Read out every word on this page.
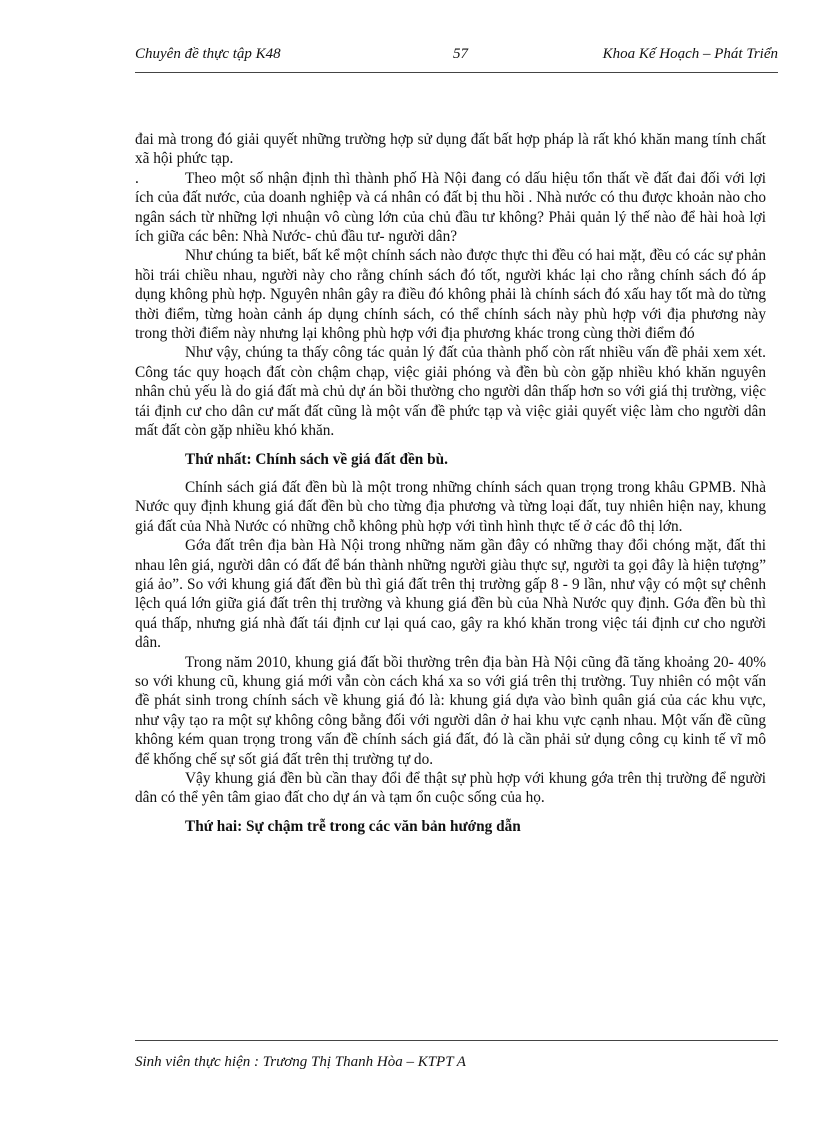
Chuyên đề thực tập K48	57	Khoa Kế Hoạch – Phát Triển

đai mà trong đó giải quyết những trường hợp sử dụng đất bất hợp pháp là rất khó khăn mang tính chất xã hội phức tạp.

.	Theo một số nhận định thì thành phố Hà Nội đang có dấu hiệu tổn thất về đất đai đối với lợi ích của đất nước, của doanh nghiệp và cá nhân có đất bị thu hồi . Nhà nước có thu được khoản nào cho ngân sách từ những lợi nhuận vô cùng lớn của chủ đầu tư không? Phải quản lý thế nào để hài hoà lợi ích giữa các bên: Nhà Nước- chủ đầu tư- người dân?

Như chúng ta biết, bất kể một chính sách nào được thực thi đều có hai mặt, đều có các sự phản hồi trái chiều nhau, người này cho rằng chính sách đó tốt, người khác lại cho rằng chính sách đó áp dụng không phù hợp. Nguyên nhân gây ra điều đó không phải là chính sách đó xấu hay tốt mà do từng thời điểm, từng hoàn cảnh áp dụng chính sách, có thể chính sách này phù hợp với địa phương này trong thời điểm này nhưng lại không phù hợp với địa phương khác trong cùng thời điểm đó

Như vậy, chúng ta thấy công tác quản lý đất của thành phố còn rất nhiều vấn đề phải xem xét. Công tác quy hoạch đất còn chậm chạp, việc giải phóng và đền bù còn gặp nhiều khó khăn nguyên nhân chủ yếu là do giá đất mà chủ dự án bồi thường cho người dân thấp hơn so với giá thị trường, việc tái định cư cho dân cư mất đất cũng là một vấn đề phức tạp và việc giải quyết việc làm cho người dân mất đất còn gặp nhiều khó khăn.

Thứ nhất: Chính sách về giá đất đền bù.

Chính sách giá đất đền bù là một trong những chính sách quan trọng trong khâu GPMB. Nhà Nước quy định khung giá đất đền bù cho từng địa phương và từng loại đất, tuy nhiên hiện nay, khung giá đất của Nhà Nước có những chỗ không phù hợp với tình hình thực tế ở các đô thị lớn.

Gớa đất trên địa bàn Hà Nội trong những năm gần đây có những thay đổi chóng mặt, đất thi nhau lên giá, người dân có đất để bán thành những người giàu thực sự, người ta gọi đây là hiện tượng” giá ảo”. So với khung giá đất đền bù thì giá đất trên thị trường gấp 8 - 9 lần, như vậy có một sự chênh lệch quá lớn giữa giá đất trên thị trường và khung giá đền bù của Nhà Nước quy định. Gớa đền bù thì quá thấp, nhưng giá nhà đất tái định cư lại quá cao, gây ra khó khăn trong việc tái định cư cho người dân.

Trong năm 2010, khung giá đất bồi thường trên địa bàn Hà Nội cũng đã tăng khoảng 20- 40% so với khung cũ, khung giá mới vẫn còn cách khá xa so với giá trên thị trường. Tuy nhiên có một vấn đề phát sinh trong chính sách về khung giá đó là: khung giá dựa vào bình quân giá của các khu vực, như vậy tạo ra một sự không công bằng đối với người dân ở hai khu vực cạnh nhau. Một vấn đề cũng không kém quan trọng trong vấn đề chính sách giá đất, đó là cần phải sử dụng công cụ kinh tế vĩ mô để khống chế sự sốt giá đất trên thị trường tự do.

Vậy khung giá đền bù cần thay đổi để thật sự phù hợp với khung gớa trên thị trường để người dân có thể yên tâm giao đất cho dự án và tạm ổn cuộc sống của họ.

Thứ hai: Sự chậm trễ trong các văn bản hướng dẫn
Sinh viên thực hiện : Trương Thị Thanh Hòa – KTPT A
